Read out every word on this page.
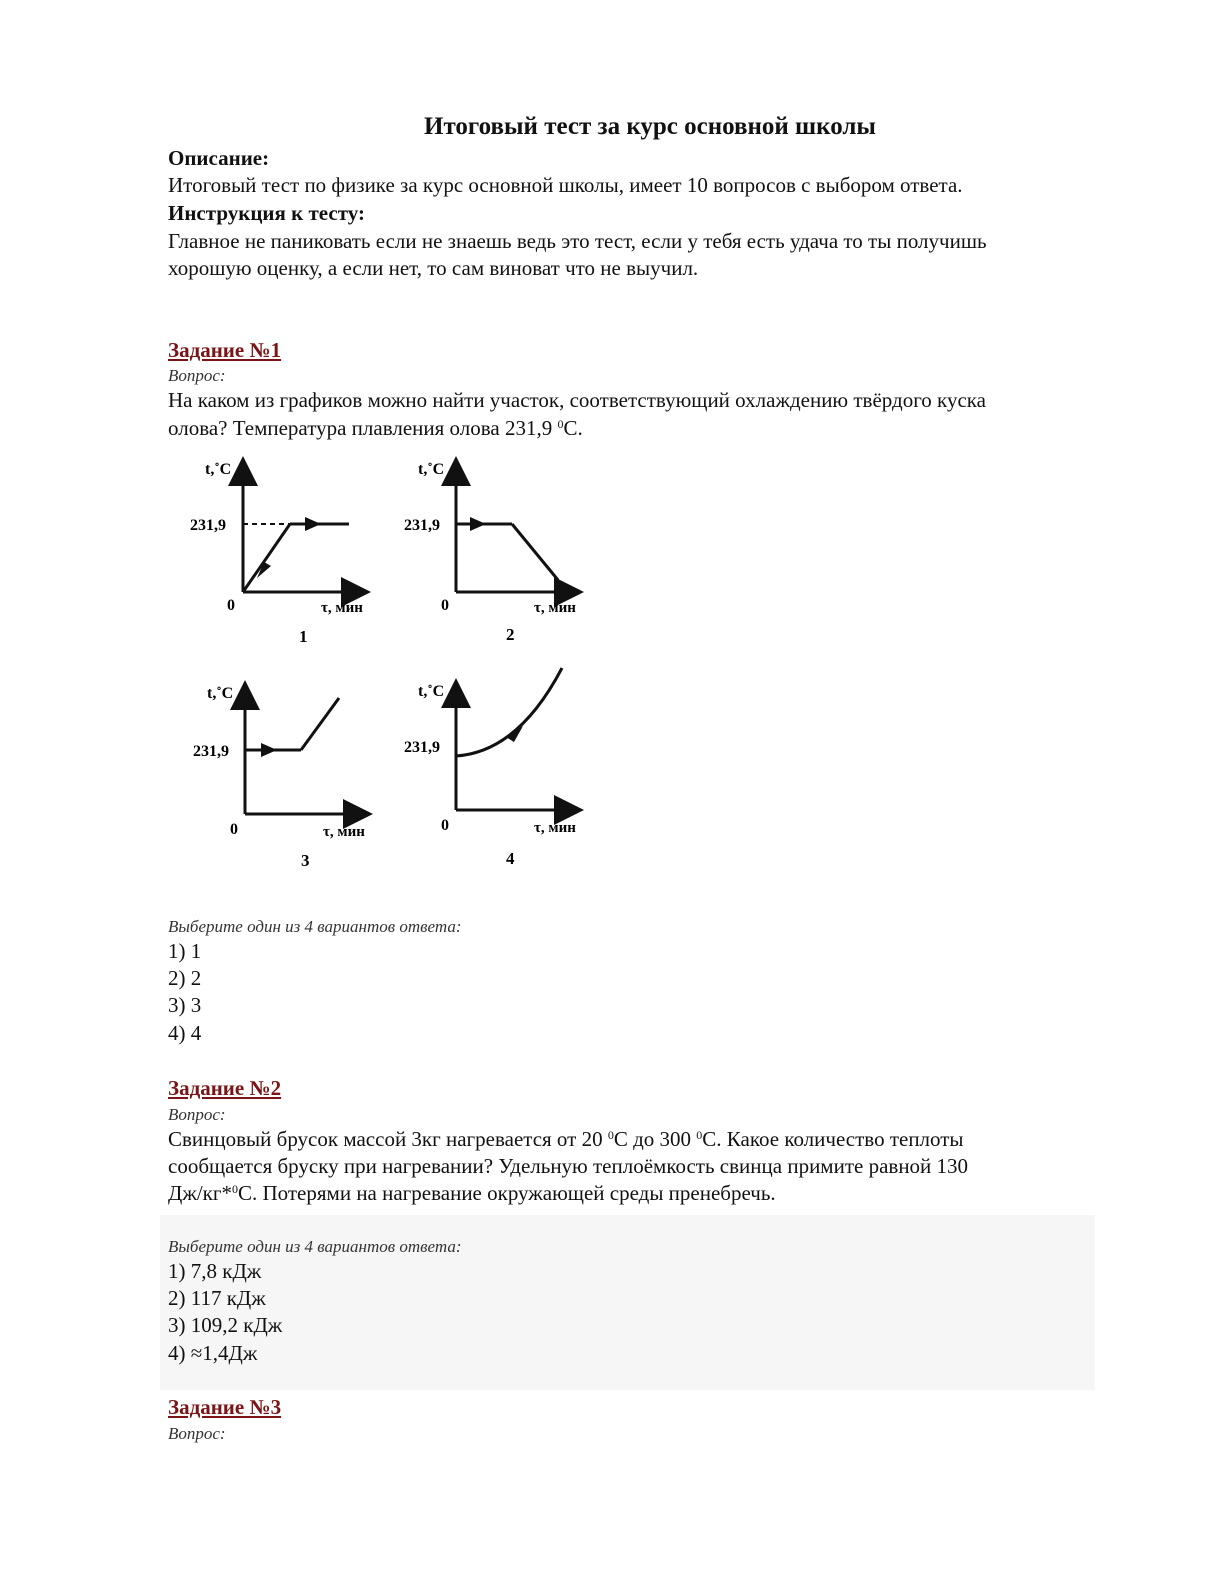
Итоговый тест за курс основной школы
Описание:
Итоговый тест по физике за курс основной школы, имеет 10 вопросов с выбором ответа.
Инструкция к тесту:
Главное не паниковать если не знаешь ведь это тест, если у тебя есть удача то ты получишь
хорошую оценку, а если нет, то сам виноват что не выучил.
Задание №1
Вопрос:
На каком из графиков можно найти участок, соответствующий охлаждению твёрдого куска
олова? Температура плавления олова 231,9 $^0$С.
t,˚C
231,9
0	τ, мин
1
t,˚C
231,9
0	τ, мин
2
t,˚C
231,9
0	τ, мин
3
t,˚C
231,9
0	τ, мин
4
Выберите один из 4 вариантов ответа:
1) 1
2) 2
3) 3
4) 4
Задание №2
Вопрос:
Свинцовый брусок массой 3кг нагревается от 20 $^0$С до 300 $^0$С. Какое количество теплоты
сообщается бруску при нагревании? Удельную теплоёмкость свинца примите равной 130
Дж/кг*$^0$С. Потерями на нагревание окружающей среды пренебречь.
Выберите один из 4 вариантов ответа:
1) 7,8 кДж
2) 117 кДж
3) 109,2 кДж
4) ≈1,4Дж
Задание №3
Вопрос:
